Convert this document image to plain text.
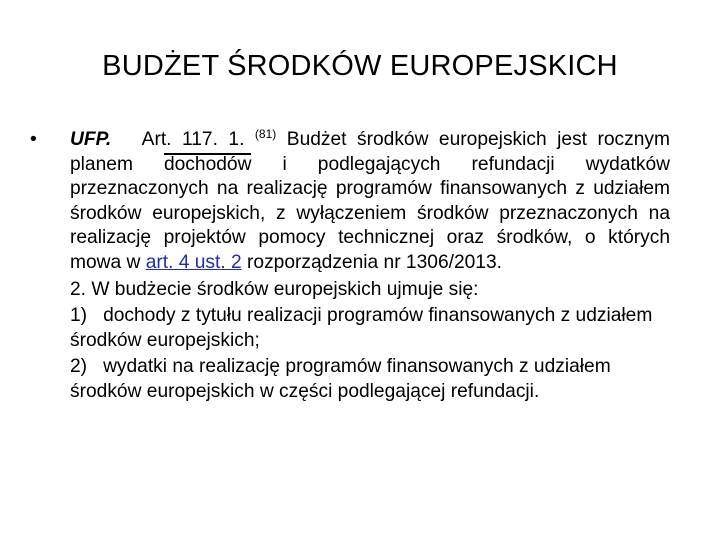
BUDŻET ŚRODKÓW EUROPEJSKICH
•	UFP. Art. 117. 1. $^{(81)}$ Budżet środków europejskich jest rocznym planem dochodów i podlegających refundacji wydatków przeznaczonych na realizację programów finansowanych z udziałem środków europejskich, z wyłączeniem środków przeznaczonych na realizację projektów pomocy technicznej oraz środków, o których mowa w art. 4 ust. 2 rozporządzenia nr 1306/2013.

2. W budżecie środków europejskich ujmuje się:

1) dochody z tytułu realizacji programów finansowanych z udziałem środków europejskich;

2) wydatki na realizację programów finansowanych z udziałem środków europejskich w części podlegającej refundacji.
